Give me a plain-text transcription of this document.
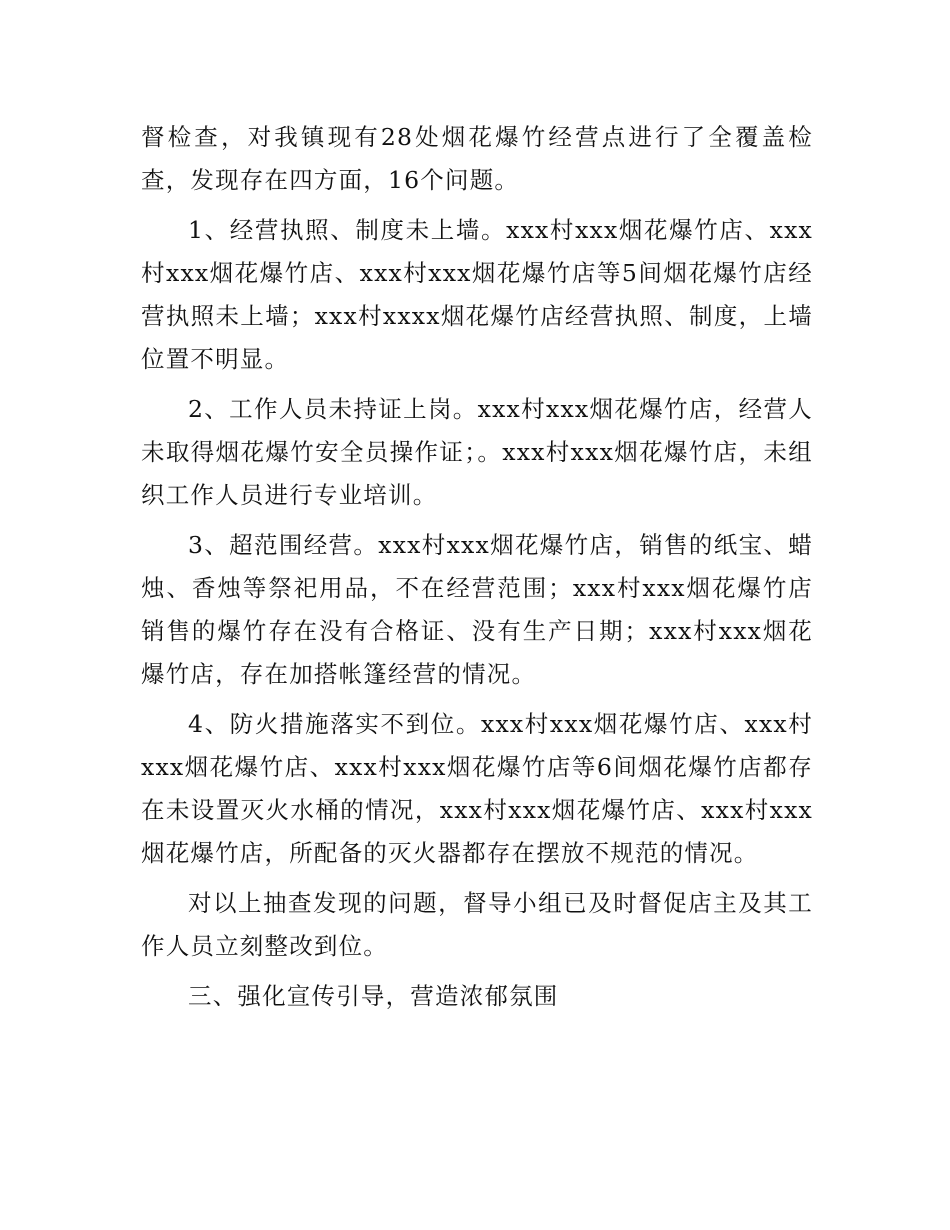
督检查，对我镇现有28处烟花爆竹经营点进行了全覆盖检查，发现存在四方面，16个问题。

1、经营执照、制度未上墙。xxx村xxx烟花爆竹店、xxx村xxx烟花爆竹店、xxx村xxx烟花爆竹店等5间烟花爆竹店经营执照未上墙；xxx村xxxx烟花爆竹店经营执照、制度，上墙位置不明显。

2、工作人员未持证上岗。xxx村xxx烟花爆竹店，经营人未取得烟花爆竹安全员操作证；。xxx村xxx烟花爆竹店，未组织工作人员进行专业培训。

3、超范围经营。xxx村xxx烟花爆竹店，销售的纸宝、蜡烛、香烛等祭祀用品，不在经营范围；xxx村xxx烟花爆竹店销售的爆竹存在没有合格证、没有生产日期；xxx村xxx烟花爆竹店，存在加搭帐篷经营的情况。

4、防火措施落实不到位。xxx村xxx烟花爆竹店、xxx村xxx烟花爆竹店、xxx村xxx烟花爆竹店等6间烟花爆竹店都存在未设置灭火水桶的情况，xxx村xxx烟花爆竹店、xxx村xxx烟花爆竹店，所配备的灭火器都存在摆放不规范的情况。

对以上抽查发现的问题，督导小组已及时督促店主及其工作人员立刻整改到位。

三、强化宣传引导，营造浓郁氛围
